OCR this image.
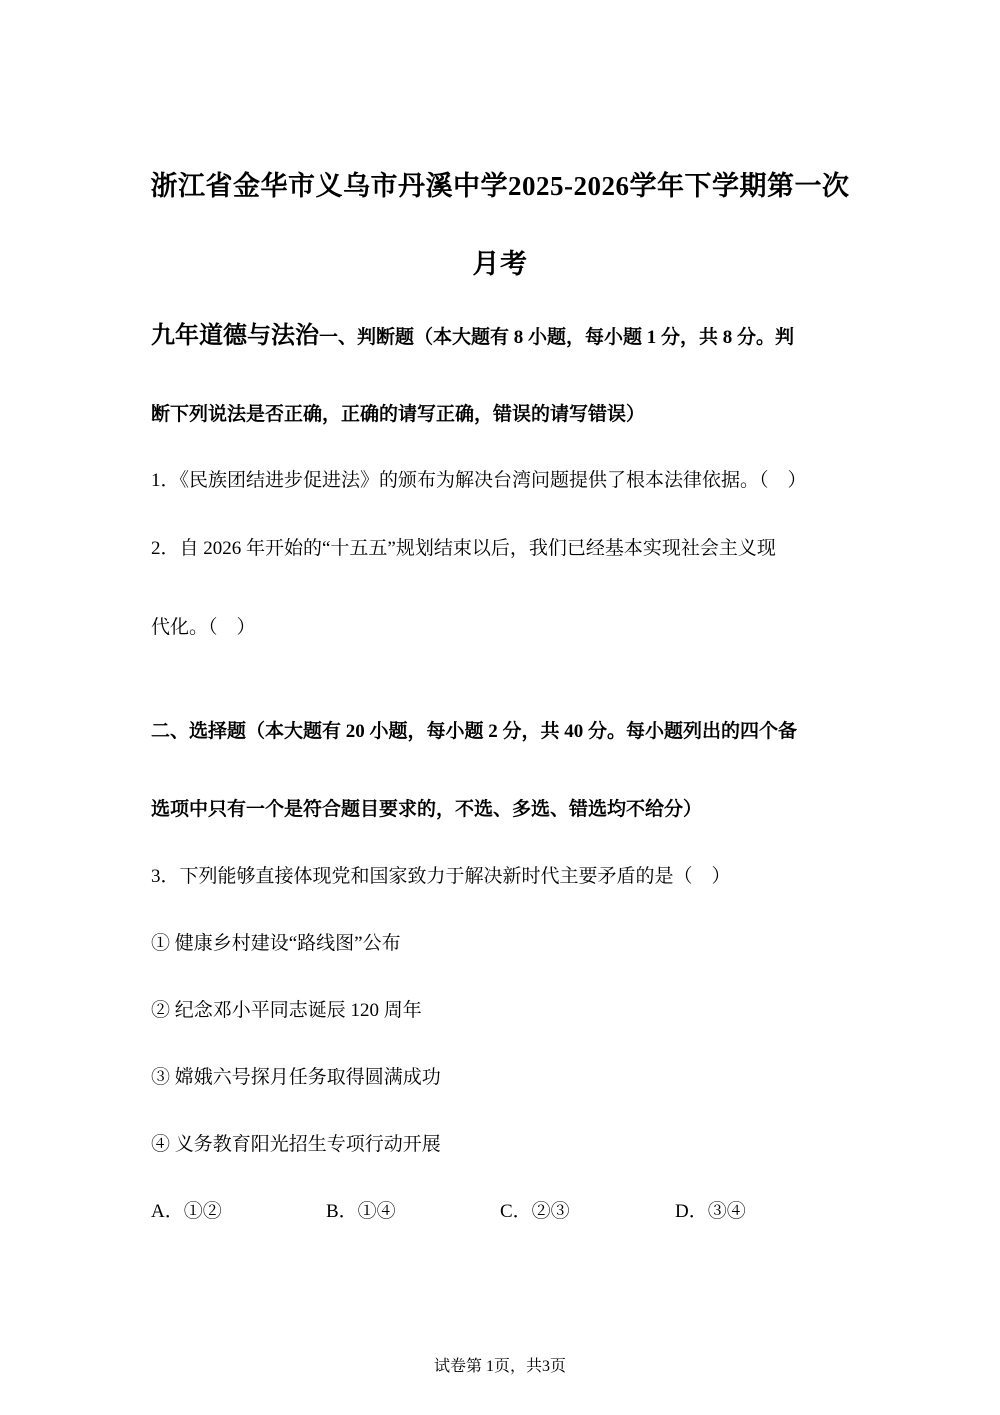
浙江省金华市义乌市丹溪中学2025-2026学年下学期第一次
月考
九年道德与法治一、判断题（本大题有 8 小题，每小题 1 分，共 8 分。判
断下列说法是否正确，正确的请写正确，错误的请写错误）
1．《民族团结进步促进法》的颁布为解决台湾问题提供了根本法律依据。（　）
2．自 2026 年开始的“十五五”规划结束以后，我们已经基本实现社会主义现
代化。（　）
二、选择题（本大题有 20 小题，每小题 2 分，共 40 分。每小题列出的四个备
选项中只有一个是符合题目要求的，不选、多选、错选均不给分）
3．下列能够直接体现党和国家致力于解决新时代主要矛盾的是（　）
① 健康乡村建设“路线图”公布
② 纪念邓小平同志诞辰 120 周年
③ 嫦娥六号探月任务取得圆满成功
④ 义务教育阳光招生专项行动开展
A．①②	B．①④	C．②③	D．③④
试卷第 1页，共3页
